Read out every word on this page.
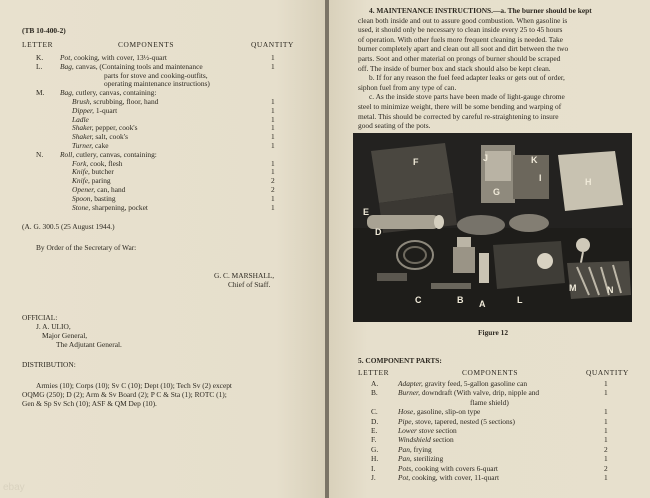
(TB 10-400-2)
LETTER	COMPONENTS	QUANTITY
K. Pot, cooking, with cover, 13½-quart	1
L. Bag, canvas, (Containing tools and maintenance	1
parts for stove and cooking-outfits,
operating maintenance instructions)
M. Bag, cutlery, canvas, containing:
Brush, scrubbing, floor, hand	1
Dipper, 1-quart	1
Ladle	1
Shaker, pepper, cook's	1
Shaker, salt, cook's	1
Turner, cake	1
N. Roll, cutlery, canvas, containing:
Fork, cook, flesh	1
Knife, butcher	1
Knife, paring	2
Opener, can, hand	2
Spoon, basting	1
Stone, sharpening, pocket	1
(A. G. 300.5 (25 August 1944.)
By Order of the Secretary of War:
G. C. MARSHALL,
Chief of Staff.
OFFICIAL:
J. A. ULIO,
Major General,
The Adjutant General.
DISTRIBUTION:
Armies (10); Corps (10); Sv C (10); Dept (10); Tech Sv (2) except
OQMG (250); D (2); Arm & Sv Board (2); P C & Sta (1); ROTC (1);
Gen & Sp Sv Sch (10); ASF & QM Dep (10).
4. MAINTENANCE INSTRUCTIONS.—a. The burner should be kept
clean both inside and out to assure good combustion. When gasoline is
used, it should only be necessary to clean inside every 25 to 45 hours
of operation. With other fuels more frequent cleaning is needed. Take
burner completely apart and clean out all soot and dirt between the two
parts. Soot and other material on prongs of burner should be scraped
off. The inside of burner box and stack should also be kept clean.
b. If for any reason the fuel feed adapter leaks or gets out of order,
siphon fuel from any type of can.
c. As the inside stove parts have been made of light-gauge chrome
steel to minimize weight, there will be some bending and warping of
metal. This should be corrected by careful re-straightening to insure
good seating of the pots.
F	J	K
H
G
D
E
C	B A	L
M	N
I
Figure 12
5. COMPONENT PARTS:
LETTER	COMPONENTS	QUANTITY
A.	Adapter, gravity feed, 5-gallon gasoline can	1
B.	Burner, downdraft (With valve, drip, nipple and	1
flame shield)
C.	Hose, gasoline, slip-on type	1
D.	Pipe, stove, tapered, nested (5 sections)	1
E.	Lower stove section	1
F.	Windshield section	1
G.	Pan, frying	2
H.	Pan, sterilizing	1
I.	Pots, cooking with covers 6-quart	2
J.	Pot, cooking, with cover, 11-quart	1
ebay
